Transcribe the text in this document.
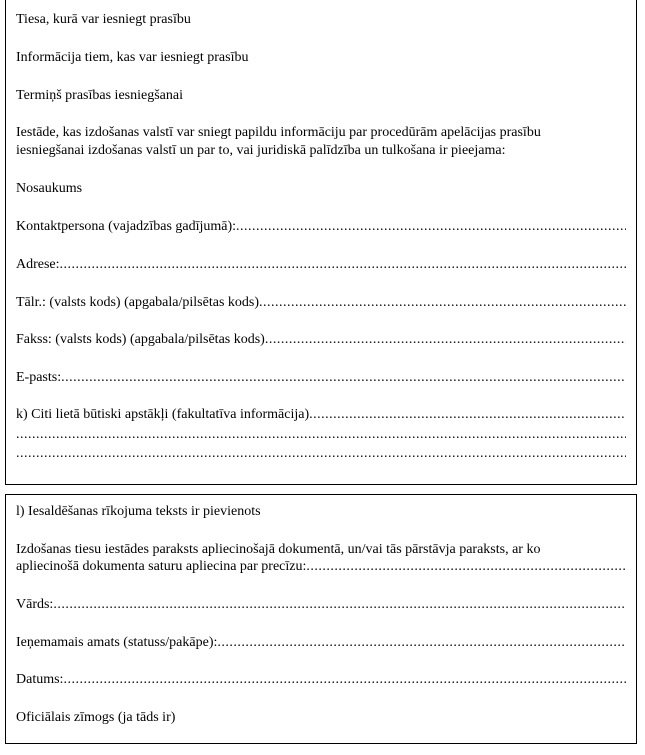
Tiesa, kurā var iesniegt prasību
Informācija tiem, kas var iesniegt prasību
Termiņš prasības iesniegšanai
Iestāde, kas izdošanas valstī var sniegt papildu informāciju par procedūrām apelācijas prasību
iesniegšanai izdošanas valstī un par to, vai juridiskā palīdzība un tulkošana ir pieejama:
Nosaukums
Kontaktpersona (vajadzības gadījumā):
.....
Adrese:
.....
Tālr.: (valsts kods) (apgabala/pilsētas kods)
.....
Fakss: (valsts kods) (apgabala/pilsētas kods)
.....
E-pasts:
.....
k) Citi lietā būtiski apstākļi (fakultatīva informācija)
.....
.....
.....
l) Iesaldēšanas rīkojuma teksts ir pievienots
Izdošanas tiesu iestādes paraksts apliecinošajā dokumentā, un/vai tās pārstāvja paraksts, ar ko
apliecinošā dokumenta saturu apliecina par precīzu:
.....
Vārds:
.....
Ieņemamais amats (statuss/pakāpe):
.....
Datums:
.....
Oficiālais zīmogs (ja tāds ir)
